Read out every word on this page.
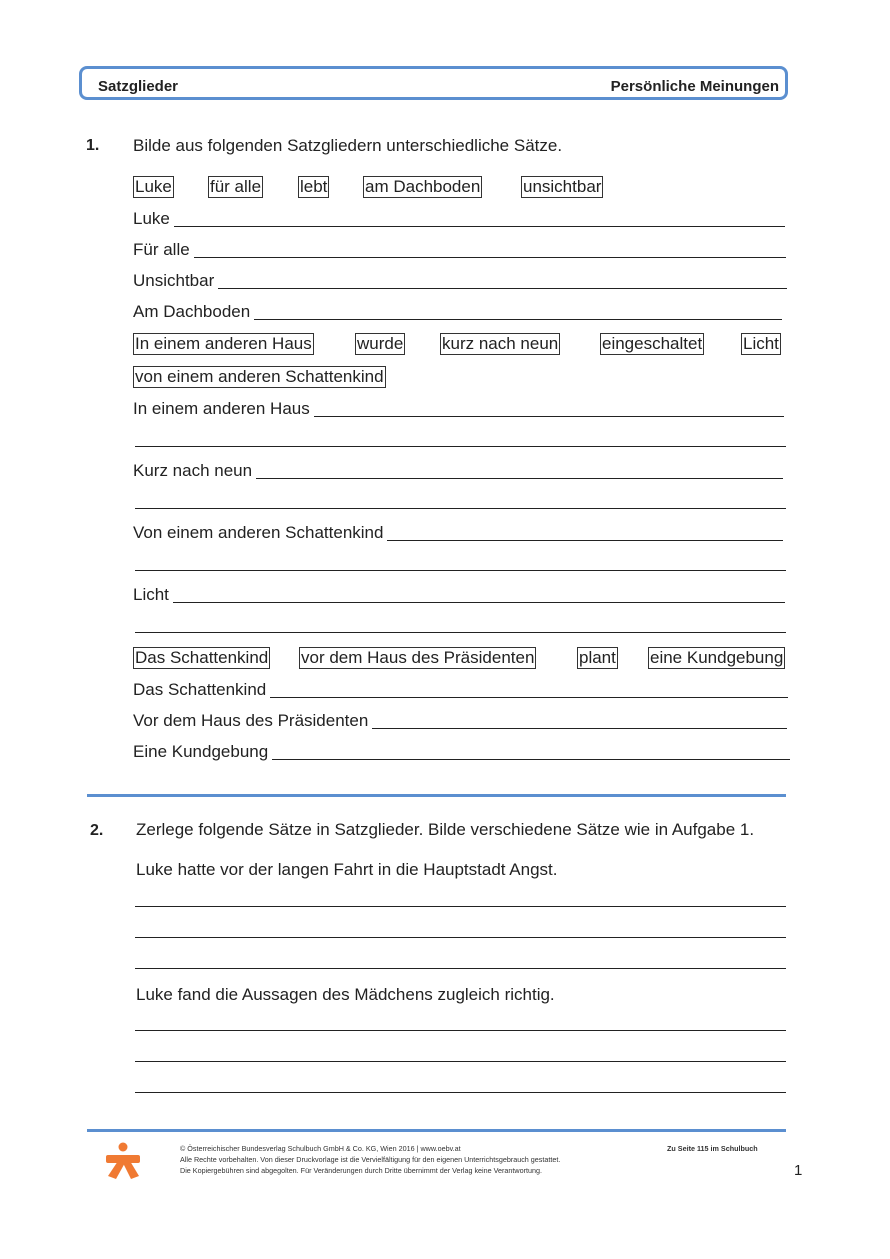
Satzglieder	Persönliche Meinungen
1. Bilde aus folgenden Satzgliedern unterschiedliche Sätze.
Luke für alle lebt am Dachboden	unsichtbar
Luke
Für alle
Unsichtbar
Am Dachboden
In einem anderen Haus	wurde kurz nach neun	eingeschaltet Licht
von einem anderen Schattenkind
In einem anderen Haus
Kurz nach neun
Von einem anderen Schattenkind
Licht
Das Schattenkind vor dem Haus des Präsidenten	plant eine Kundgebung
Das Schattenkind
Vor dem Haus des Präsidenten
Eine Kundgebung
2. Zerlege folgende Sätze in Satzglieder. Bilde verschiedene Sätze wie in Aufgabe 1.
Luke hatte vor der langen Fahrt in die Hauptstadt Angst.
Luke fand die Aussagen des Mädchens zugleich richtig.
© Österreichischer Bundesverlag Schulbuch GmbH & Co. KG, Wien 2016 | www.oebv.at
Alle Rechte vorbehalten. Von dieser Druckvorlage ist die Vervielfältigung für den eigenen Unterrichtsgebrauch gestattet.
Die Kopiergebühren sind abgegolten. Für Veränderungen durch Dritte übernimmt der Verlag keine Verantwortung.
Zu Seite 115 im Schulbuch
1
